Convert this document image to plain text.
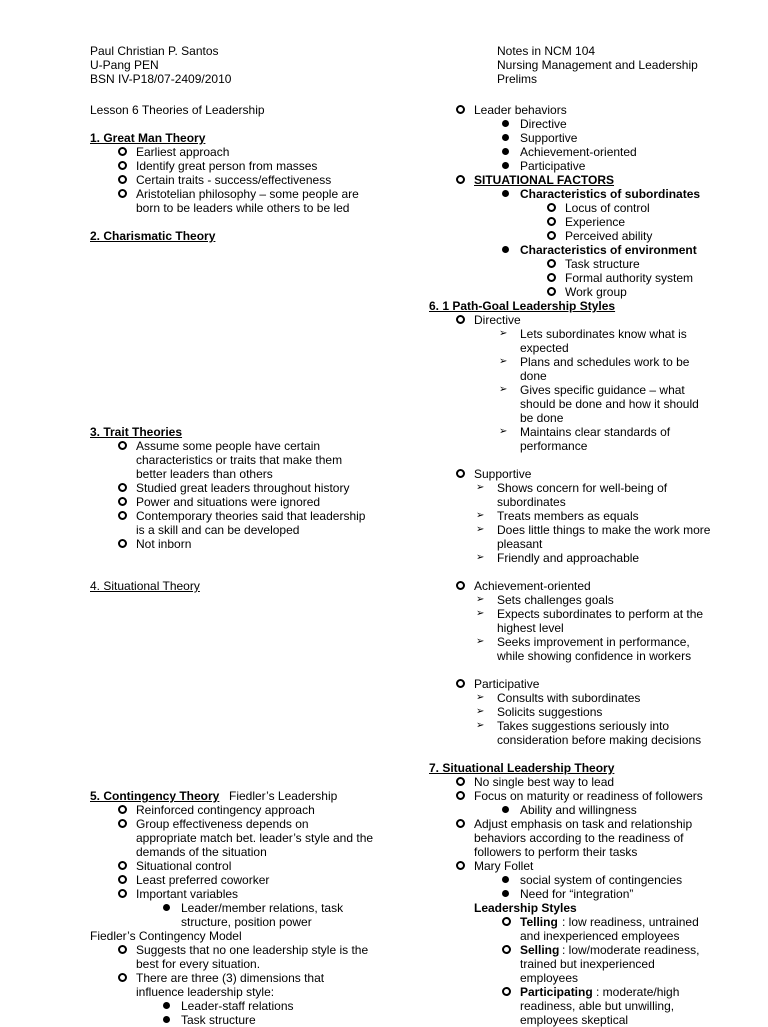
Paul Christian P. Santos
U-Pang PEN
BSN IV-P18/07-2409/2010
Lesson 6 Theories of Leadership
1. Great Man Theory
Earliest approach
Identify great person from masses
Certain traits - success/effectiveness
Aristotelian philosophy – some people are
born to be leaders while others to be led
2. Charismatic Theory
3. Trait Theories
Assume some people have certain
characteristics or traits that make them
better leaders than others
Studied great leaders throughout history
Power and situations were ignored
Contemporary theories said that leadership
is a skill and can be developed
Not inborn
4. Situational Theory
5. Contingency Theory Fiedler’s Leadership
Reinforced contingency approach
Group effectiveness depends on
appropriate match bet. leader’s style and the
demands of the situation
Situational control
Least preferred coworker
Important variables
Leader/member relations, task
structure, position power
Fiedler’s Contingency Model
Suggests that no one leadership style is the
best for every situation.
There are three (3) dimensions that
influence leadership style:
Leader-staff relations
Task structure
Notes in NCM 104
Nursing Management and Leadership
Prelims
Leader behaviors
Directive
Supportive
Achievement-oriented
Participative
SITUATIONAL FACTORS
Characteristics of subordinates
Locus of control
Experience
Perceived ability
Characteristics of environment
Task structure
Formal authority system
Work group
6. 1 Path-Goal Leadership Styles
Directive
➢ Lets subordinates know what is
expected
➢ Plans and schedules work to be
done
➢ Gives specific guidance – what
should be done and how it should
be done
➢ Maintains clear standards of
performance
Supportive
➢ Shows concern for well-being of
subordinates
➢ Treats members as equals
➢ Does little things to make the work more
pleasant
➢ Friendly and approachable
Achievement-oriented
➢ Sets challenges goals
➢ Expects subordinates to perform at the
highest level
➢ Seeks improvement in performance,
while showing confidence in workers
Participative
➢ Consults with subordinates
➢ Solicits suggestions
➢ Takes suggestions seriously into
consideration before making decisions
7. Situational Leadership Theory
No single best way to lead
Focus on maturity or readiness of followers
Ability and willingness
Adjust emphasis on task and relationship
behaviors according to the readiness of
followers to perform their tasks
Mary Follet
social system of contingencies
Need for “integration”
Leadership Styles
Telling : low readiness, untrained
and inexperienced employees
Selling : low/moderate readiness,
trained but inexperienced
employees
Participating : moderate/high
readiness, able but unwilling,
employees skeptical
